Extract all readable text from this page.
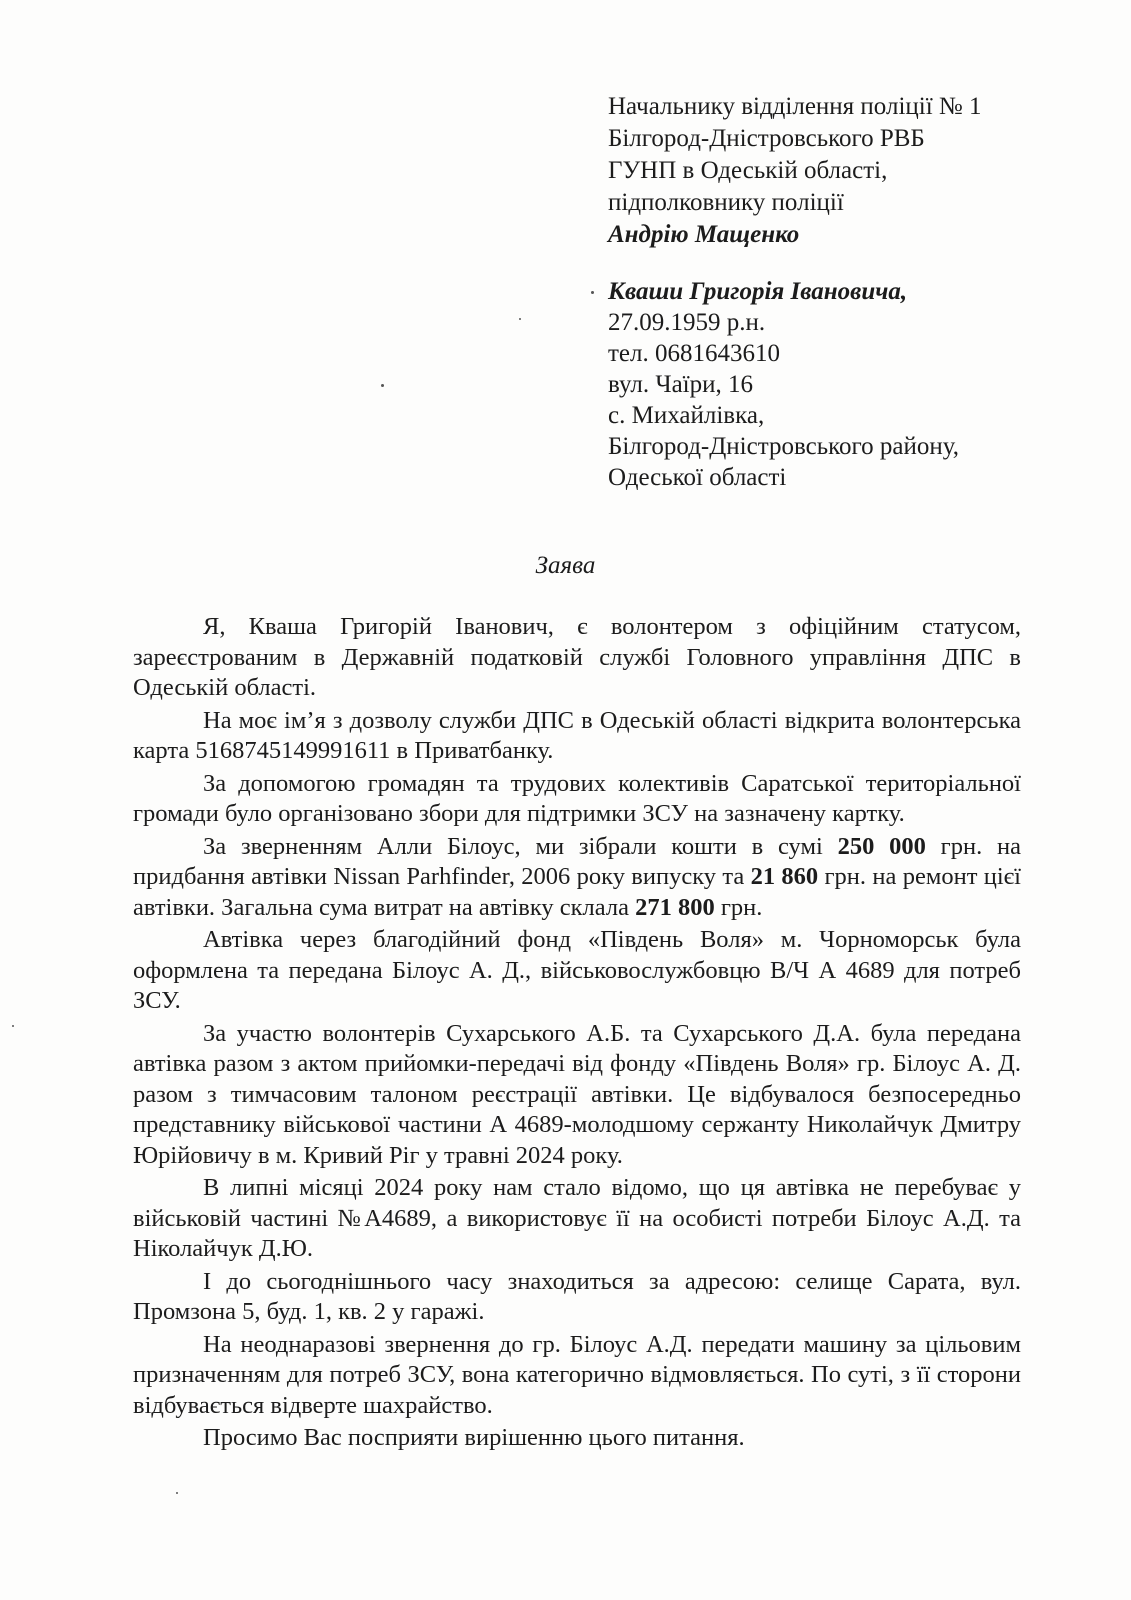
Начальнику відділення поліції № 1
Білгород-Дністровського РВБ
ГУНП в Одеській області,
підполковнику поліції
Андрію Мащенко
Кваши Григорія Івановича,
27.09.1959 р.н.
тел. 0681643610
вул. Чаїри, 16
с. Михайлівка,
Білгород-Дністровського району,
Одеської області
Заява

Я, Кваша Григорій Іванович, є волонтером з офіційним статусом, зареєстрованим в Державній податковій службі Головного управління ДПС в Одеській області.

На моє ім’я з дозволу служби ДПС в Одеській області відкрита волонтерська карта 5168745149991611 в Приватбанку.

За допомогою громадян та трудових колективів Саратської територіальної громади було організовано збори для підтримки ЗСУ на зазначену картку.

За зверненням Алли Білоус, ми зібрали кошти в сумі 250 000 грн. на придбання автівки Nissan Parhfinder, 2006 року випуску та 21 860 грн. на ремонт цієї автівки. Загальна сума витрат на автівку склала 271 800 грн.

Автівка через благодійний фонд «Південь Воля» м. Чорноморськ була оформлена та передана Білоус А. Д., військовослужбовцю В/Ч А 4689 для потреб ЗСУ.

За участю волонтерів Сухарського А.Б. та Сухарського Д.А. була передана автівка разом з актом прийомки-передачі від фонду «Південь Воля» гр. Білоус А. Д. разом з тимчасовим талоном реєстрації автівки. Це відбувалося безпосередньо представнику військової частини А 4689-молодшому сержанту Николайчук Дмитру Юрійовичу в м. Кривий Ріг у травні 2024 року.

В липні місяці 2024 року нам стало відомо, що ця автівка не перебуває у військовій частині №А4689, а використовує її на особисті потреби Білоус А.Д. та Ніколайчук Д.Ю.

І до сьогоднішнього часу знаходиться за адресою: селище Сарата, вул. Промзона 5, буд. 1, кв. 2 у гаражі.

На неоднаразові звернення до гр. Білоус А.Д. передати машину за цільовим призначенням для потреб ЗСУ, вона категорично відмовляється. По суті, з її сторони відбувається відверте шахрайство.

Просимо Вас посприяти вирішенню цього питання.
